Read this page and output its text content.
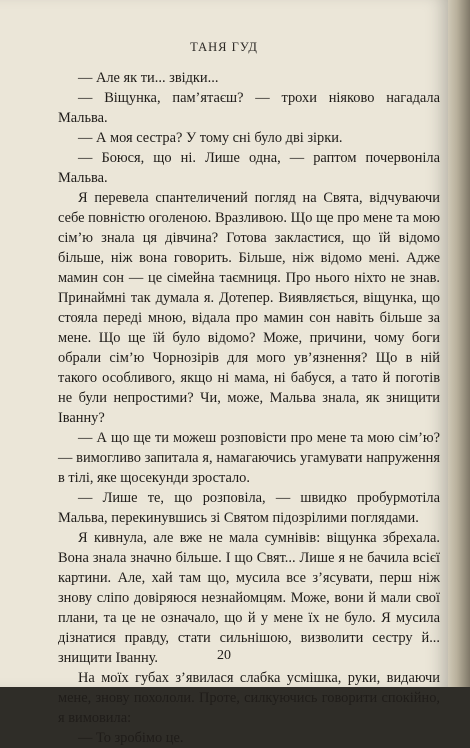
ТАНЯ ГУД

— Але як ти... звідки...

— Віщунка, пам’ятаєш? — трохи ніяково нагадала Мальва.

— А моя сестра? У тому сні було дві зірки.

— Боюся, що ні. Лише одна, — раптом почервоніла Мальва.

Я перевела спантеличений погляд на Свята, відчуваючи себе повністю оголеною. Вразливою. Що ще про мене та мою сім’ю знала ця дівчина? Готова закластися, що їй відомо більше, ніж вона говорить. Більше, ніж відомо мені. Адже мамин сон — це сімейна таємниця. Про нього ніхто не знав. Принаймні так думала я. Дотепер. Виявляється, віщунка, що стояла переді мною, відала про мамин сон навіть більше за мене. Що ще їй було відомо? Може, причини, чому боги обрали сім’ю Чорнозірів для мого ув’язнення? Що в ній такого особливого, якщо ні мама, ні бабуся, а тато й поготів не були непростими? Чи, може, Мальва знала, як знищити Іванну?

— А що ще ти можеш розповісти про мене та мою сім’ю? — вимогливо запитала я, намагаючись угамувати напруження в тілі, яке щосекунди зростало.

— Лише те, що розповіла, — швидко пробурмотіла Мальва, перекинувшись зі Святом підозрілими поглядами.

Я кивнула, але вже не мала сумнівів: віщунка збрехала. Вона знала значно більше. І що Свят... Лише я не бачила всієї картини. Але, хай там що, мусила все з’ясувати, перш ніж знову сліпо довіряюся незнайомцям. Може, вони й мали свої плани, та це не означало, що й у мене їх не було. Я мусила дізнатися правду, стати сильнішою, визволити сестру й... знищити Іванну.

На моїх губах з’явилася слабка усмішка, руки, видаючи мене, знову похололи. Проте, силкуючись говорити спокійно, я вимовила:

— То зробімо це.

20
